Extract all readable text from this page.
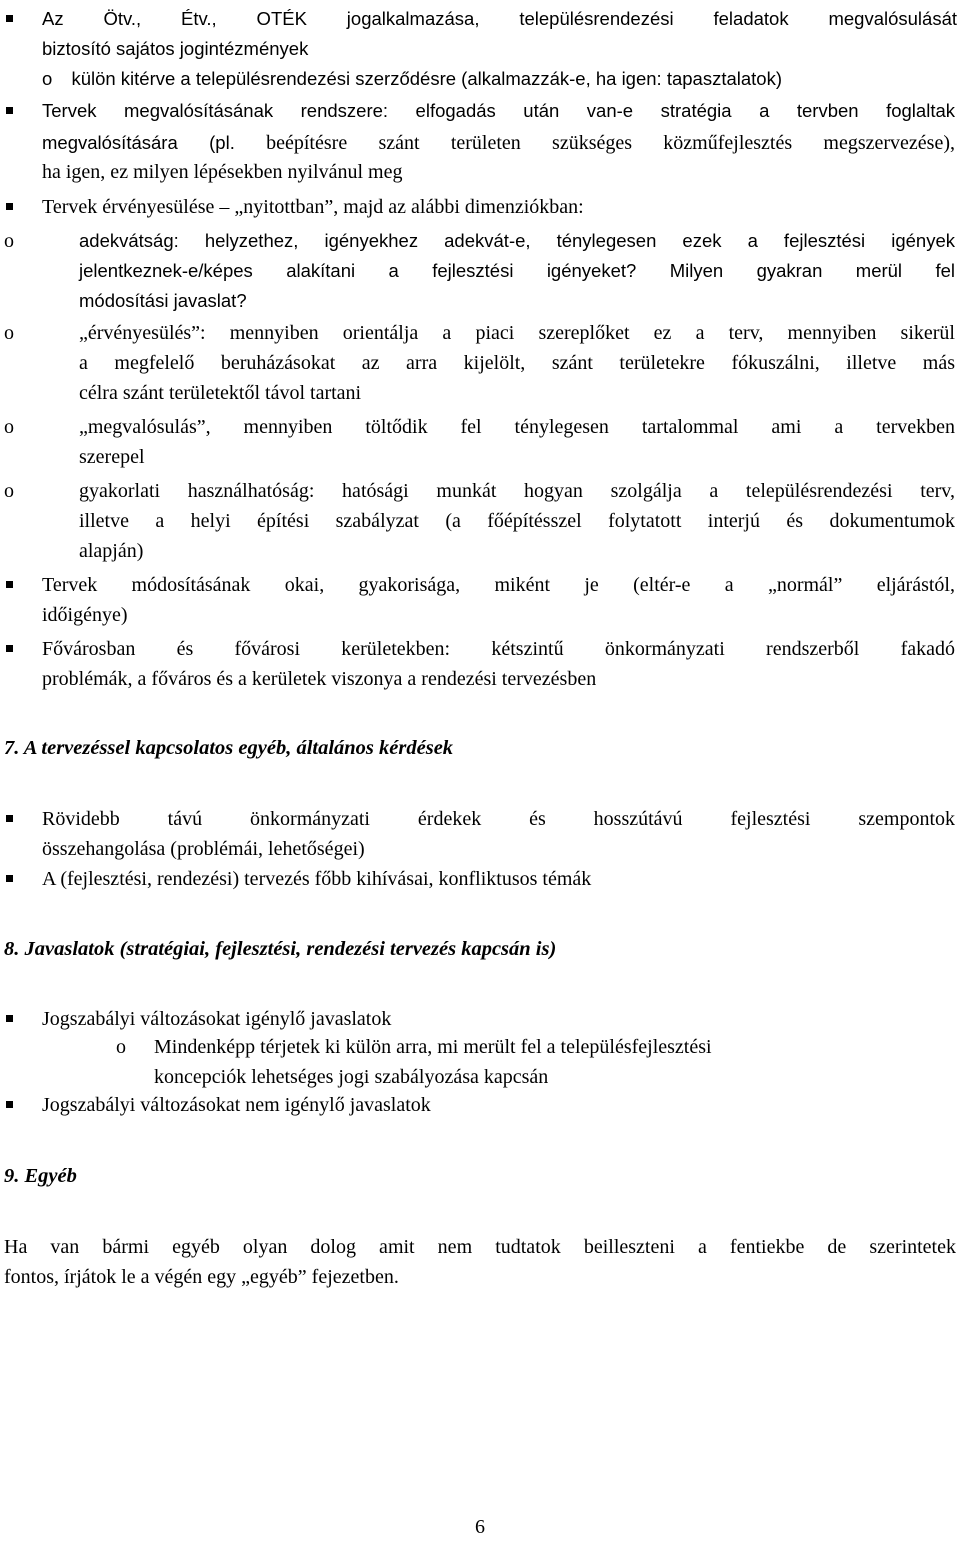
Az Ötv., Étv., OTÉK jogalkalmazása, településrendezési feladatok megvalósulását
biztosító sajátos jogintézmények
o külön kitérve a településrendezési szerződésre (alkalmazzák-e, ha igen: tapasztalatok)
Tervek megvalósításának rendszere: elfogadás után van-e stratégia a tervben foglaltak
megvalósítására (pl. beépítésre szánt területen szükséges közműfejlesztés megszervezése),
ha igen, ez milyen lépésekben nyilvánul meg
Tervek érvényesülése – „nyitottban”, majd az alábbi dimenziókban:
o	adekvátság: helyzethez, igényekhez adekvát-e, ténylegesen ezek a fejlesztési igények
jelentkeznek-e/képes alakítani a fejlesztési igényeket? Milyen gyakran merül fel
módosítási javaslat?
o	„érvényesülés”: mennyiben orientálja a piaci szereplőket ez a terv, mennyiben sikerül
a megfelelő beruházásokat az arra kijelölt, szánt területekre fókuszálni, illetve más
célra szánt területektől távol tartani
o	„megvalósulás”, mennyiben töltődik fel ténylegesen tartalommal ami a tervekben
szerepel
o	gyakorlati használhatóság: hatósági munkát hogyan szolgálja a településrendezési terv,
illetve a helyi építési szabályzat (a főépítésszel folytatott interjú és dokumentumok
alapján)
Tervek módosításának okai, gyakorisága, miként je (eltér-e a „normál” eljárástól,
időigénye)
Fővárosban és fővárosi kerületekben: kétszintű önkormányzati rendszerből fakadó
problémák, a főváros és a kerületek viszonya a rendezési tervezésben
7. A tervezéssel kapcsolatos egyéb, általános kérdések
Rövidebb távú önkormányzati érdekek és hosszútávú fejlesztési szempontok
összehangolása (problémái, lehetőségei)
A (fejlesztési, rendezési) tervezés főbb kihívásai, konfliktusos témák
8. Javaslatok (stratégiai, fejlesztési, rendezési tervezés kapcsán is)
Jogszabályi változásokat igénylő javaslatok
o Mindenképp térjetek ki külön arra, mi merült fel a településfejlesztési
koncepciók lehetséges jogi szabályozása kapcsán
Jogszabályi változásokat nem igénylő javaslatok
9. Egyéb
Ha van bármi egyéb olyan dolog amit nem tudtatok beilleszteni a fentiekbe de szerintetek
fontos, írjátok le a végén egy „egyéb” fejezetben.
6
